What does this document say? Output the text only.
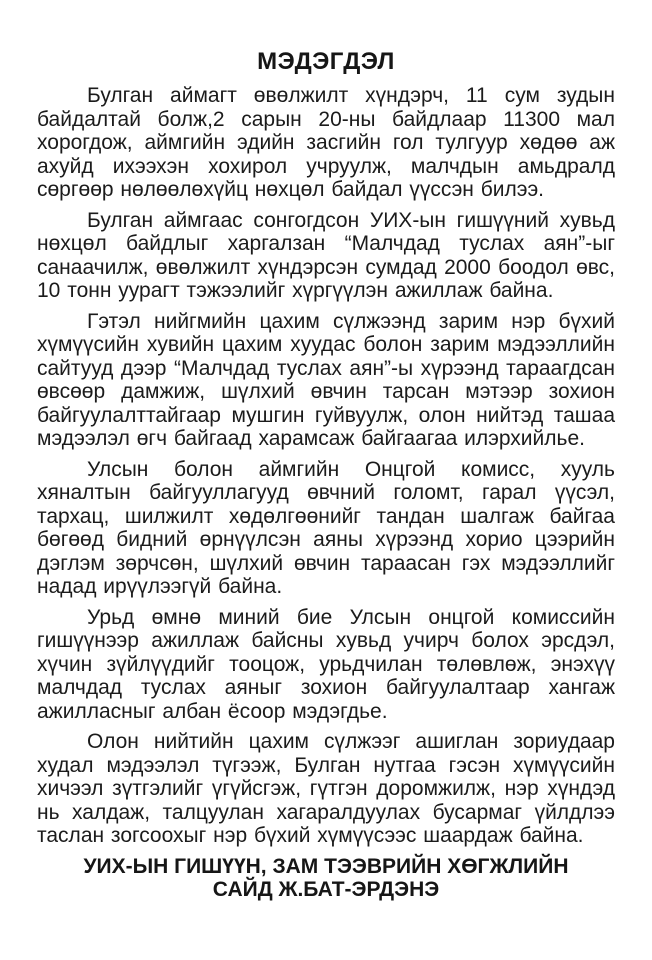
МЭДЭГДЭЛ

Булган аймагт өвөлжилт хүндэрч, 11 сум зудын байдалтай болж,2 сарын 20-ны байдлаар 11300 мал хорогдож, аймгийн эдийн засгийн гол тулгуур хөдөө аж ахуйд ихээхэн хохирол учруулж, малчдын амьдралд сөргөөр нөлөөлөхүйц нөхцөл байдал үүссэн билээ.

Булган аймгаас сонгогдсон УИХ-ын гишүүний хувьд нөхцөл байдлыг харгалзан “Малчдад туслах аян”-ыг санаачилж, өвөлжилт хүндэрсэн сумдад 2000 боодол өвс, 10 тонн уурагт тэжээлийг хүргүүлэн ажиллаж байна.

Гэтэл нийгмийн цахим сүлжээнд зарим нэр бүхий хүмүүсийн хувийн цахим хуудас болон зарим мэдээллийн сайтууд дээр “Малчдад туслах аян”-ы хүрээнд тараагдсан өвсөөр дамжиж, шүлхий өвчин тарсан мэтээр зохион байгуулалттайгаар мушгин гуйвуулж, олон нийтэд ташаа мэдээлэл өгч байгаад харамсаж байгаагаа илэрхийлье.

Улсын болон аймгийн Онцгой комисс, хууль хяналтын байгууллагууд өвчний голомт, гарал үүсэл, тархац, шилжилт хөдөлгөөнийг тандан шалгаж байгаа бөгөөд бидний өрнүүлсэн аяны хүрээнд хорио цээрийн дэглэм зөрчсөн, шүлхий өвчин тараасан гэх мэдээллийг надад ирүүлээгүй байна.

Урьд өмнө миний бие Улсын онцгой комиссийн гишүүнээр ажиллаж байсны хувьд учирч болох эрсдэл, хүчин зүйлүүдийг тооцож, урьдчилан төлөвлөж, энэхүү малчдад туслах аяныг зохион байгуулалтаар хангаж ажилласныг албан ёсоор мэдэгдье.

Олон нийтийн цахим сүлжээг ашиглан зориудаар худал мэдээлэл түгээж, Булган нутгаа гэсэн хүмүүсийн хичээл зүтгэлийг үгүйсгэж, гүтгэн доромжилж, нэр хүндэд нь халдаж, талцуулан хагаралдуулах бусармаг үйлдлээ таслан зогсоохыг нэр бүхий хүмүүсээс шаардаж байна.

УИХ-ЫН ГИШҮҮН, ЗАМ ТЭЭВРИЙН ХӨГЖЛИЙН
САЙД Ж.БАТ-ЭРДЭНЭ
